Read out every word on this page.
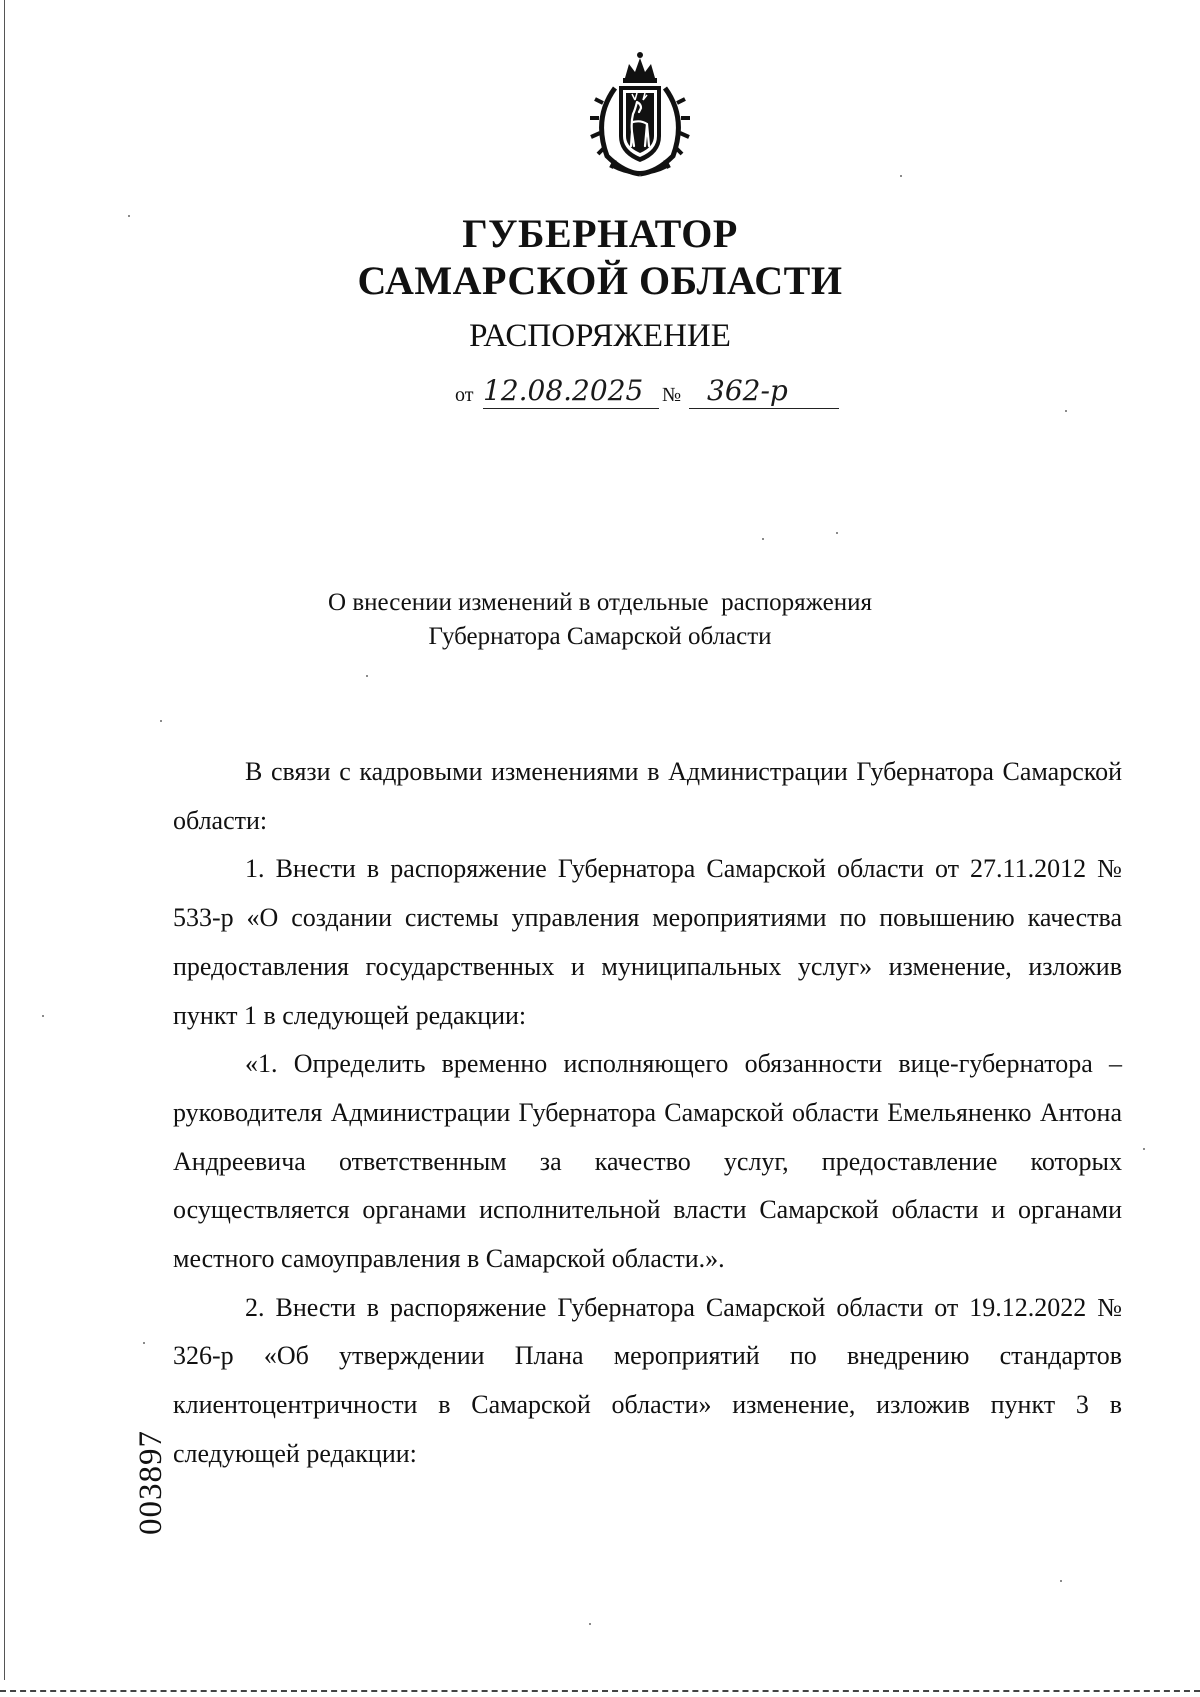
ГУБЕРНАТОР
САМАРСКОЙ ОБЛАСТИ
РАСПОРЯЖЕНИЕ
от 12.08.2025 № 362-р
О внесении изменений в отдельные  распоряжения
Губернатора Самарской области

В связи с кадровыми изменениями в Администрации Губернатора Самарской области:

1. Внести в распоряжение Губернатора Самарской области от 27.11.2012 № 533-р «О создании системы управления мероприятиями по повышению качества предоставления государственных и муниципальных услуг» изменение, изложив пункт 1 в следующей редакции:

«1. Определить временно исполняющего обязанности вице-губернатора – руководителя Администрации Губернатора Самарской области Емельяненко Антона Андреевича ответственным за качество услуг, предоставление которых осуществляется органами исполнительной власти Самарской области и органами местного самоуправления в Самарской области.».

2. Внести в распоряжение Губернатора Самарской области от 19.12.2022 № 326-р «Об утверждении Плана мероприятий по внедрению стандартов клиентоцентричности в Самарской области» изменение, изложив пункт 3 в следующей редакции:

003897
